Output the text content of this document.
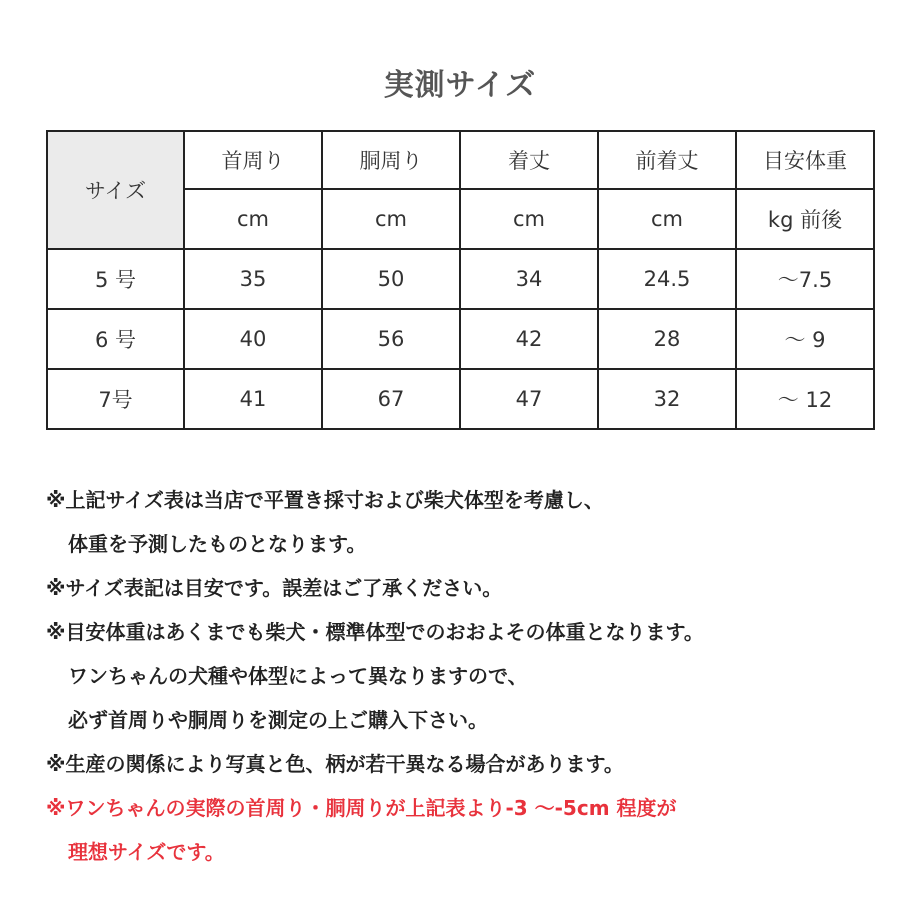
実測サイズ
サイズ	首周り	胴周り	着丈	前着丈	目安体重
	cm	cm	cm	cm	kg 前後
5 号	35	50	34	24.5	～7.5
6 号	40	56	42	28	～ 9
7号	41	67	47	32	～ 12
※上記サイズ表は当店で平置き採寸および柴犬体型を考慮し、
体重を予測したものとなります。
※サイズ表記は目安です。誤差はご了承ください。
※目安体重はあくまでも柴犬・標準体型でのおおよその体重となります。
ワンちゃんの犬種や体型によって異なりますので、
必ず首周りや胴周りを測定の上ご購入下さい。
※生産の関係により写真と色、柄が若干異なる場合があります。
※ワンちゃんの実際の首周り・胴周りが上記表より-3 ～-5cm 程度が
理想サイズです。
